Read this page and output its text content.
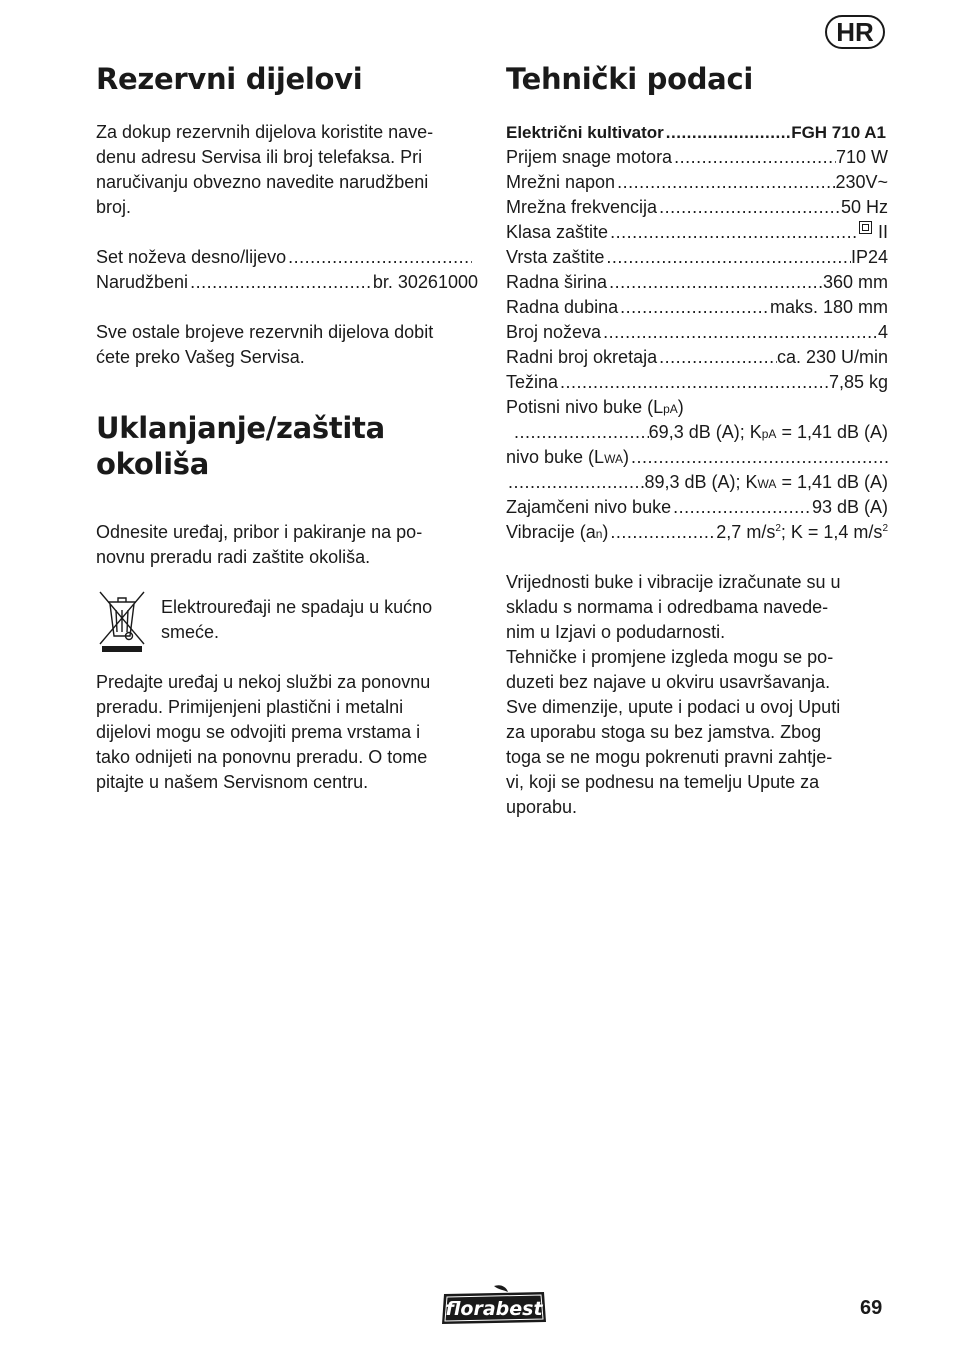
HR
Rezervni dijelovi

Za dokup rezervnih dijelova koristite nave-
denu adresu Servisa ili broj telefaksa. Pri
naručivanju obvezno navedite narudžbeni
broj.

Set noževa desno/lijevo
.....
Narudžbeni .....	br. 30261000

Sve ostale brojeve rezervnih dijelova dobit
ćete preko Vašeg Servisa.

Uklanjanje/zaštita
okoliša

Odnesite uređaj, pribor i pakiranje na po-
novnu preradu radi zaštite okoliša.

Elektrouređaji ne spadaju u kućno
smeće.

Predajte uređaj u nekoj službi za ponovnu
preradu. Primijenjeni plastični i metalni
dijelovi mogu se odvojiti prema vrstama i
tako odnijeti na ponovnu preradu. O tome
pitajte u našem Servisnom centru.

Tehnički podaci
Električni kultivator .....	FGH 710 A1
Prijem snage motora .....	710 W
Mrežni napon .....	230V~
Mrežna frekvencija .....	50 Hz
Klasa zaštite .....	II
Vrsta zaštite .....	IP24
Radna širina .....	360 mm
Radna dubina .....	maks. 180 mm
Broj noževa .....	4
Radni broj okretaja .....	ca. 230 U/min
Težina .....	7,85 kg
Potisni nivo buke (LpA)
.....
69,3 dB (A); KpA = 1,41 dB (A)
nivo buke (LWA)
.....
.....
89,3 dB (A); KWA = 1,41 dB (A)
Zajamčeni nivo buke .....	93 dB (A)
Vibracije (an) .....	2,7 $m/s^2$; K = 1,4 $m/s^2$

Vrijednosti buke i vibracije izračunate su u
skladu s normama i odredbama navede-
nim u Izjavi o podudarnosti.
Tehničke i promjene izgleda mogu se po-
duzeti bez najave u okviru usavršavanja.
Sve dimenzije, upute i podaci u ovoj Uputi
za uporabu stoga su bez jamstva. Zbog
toga se ne mogu pokrenuti pravni zahtje-
vi, koji se podnesu na temelju Upute za
uporabu.

florabest	69
